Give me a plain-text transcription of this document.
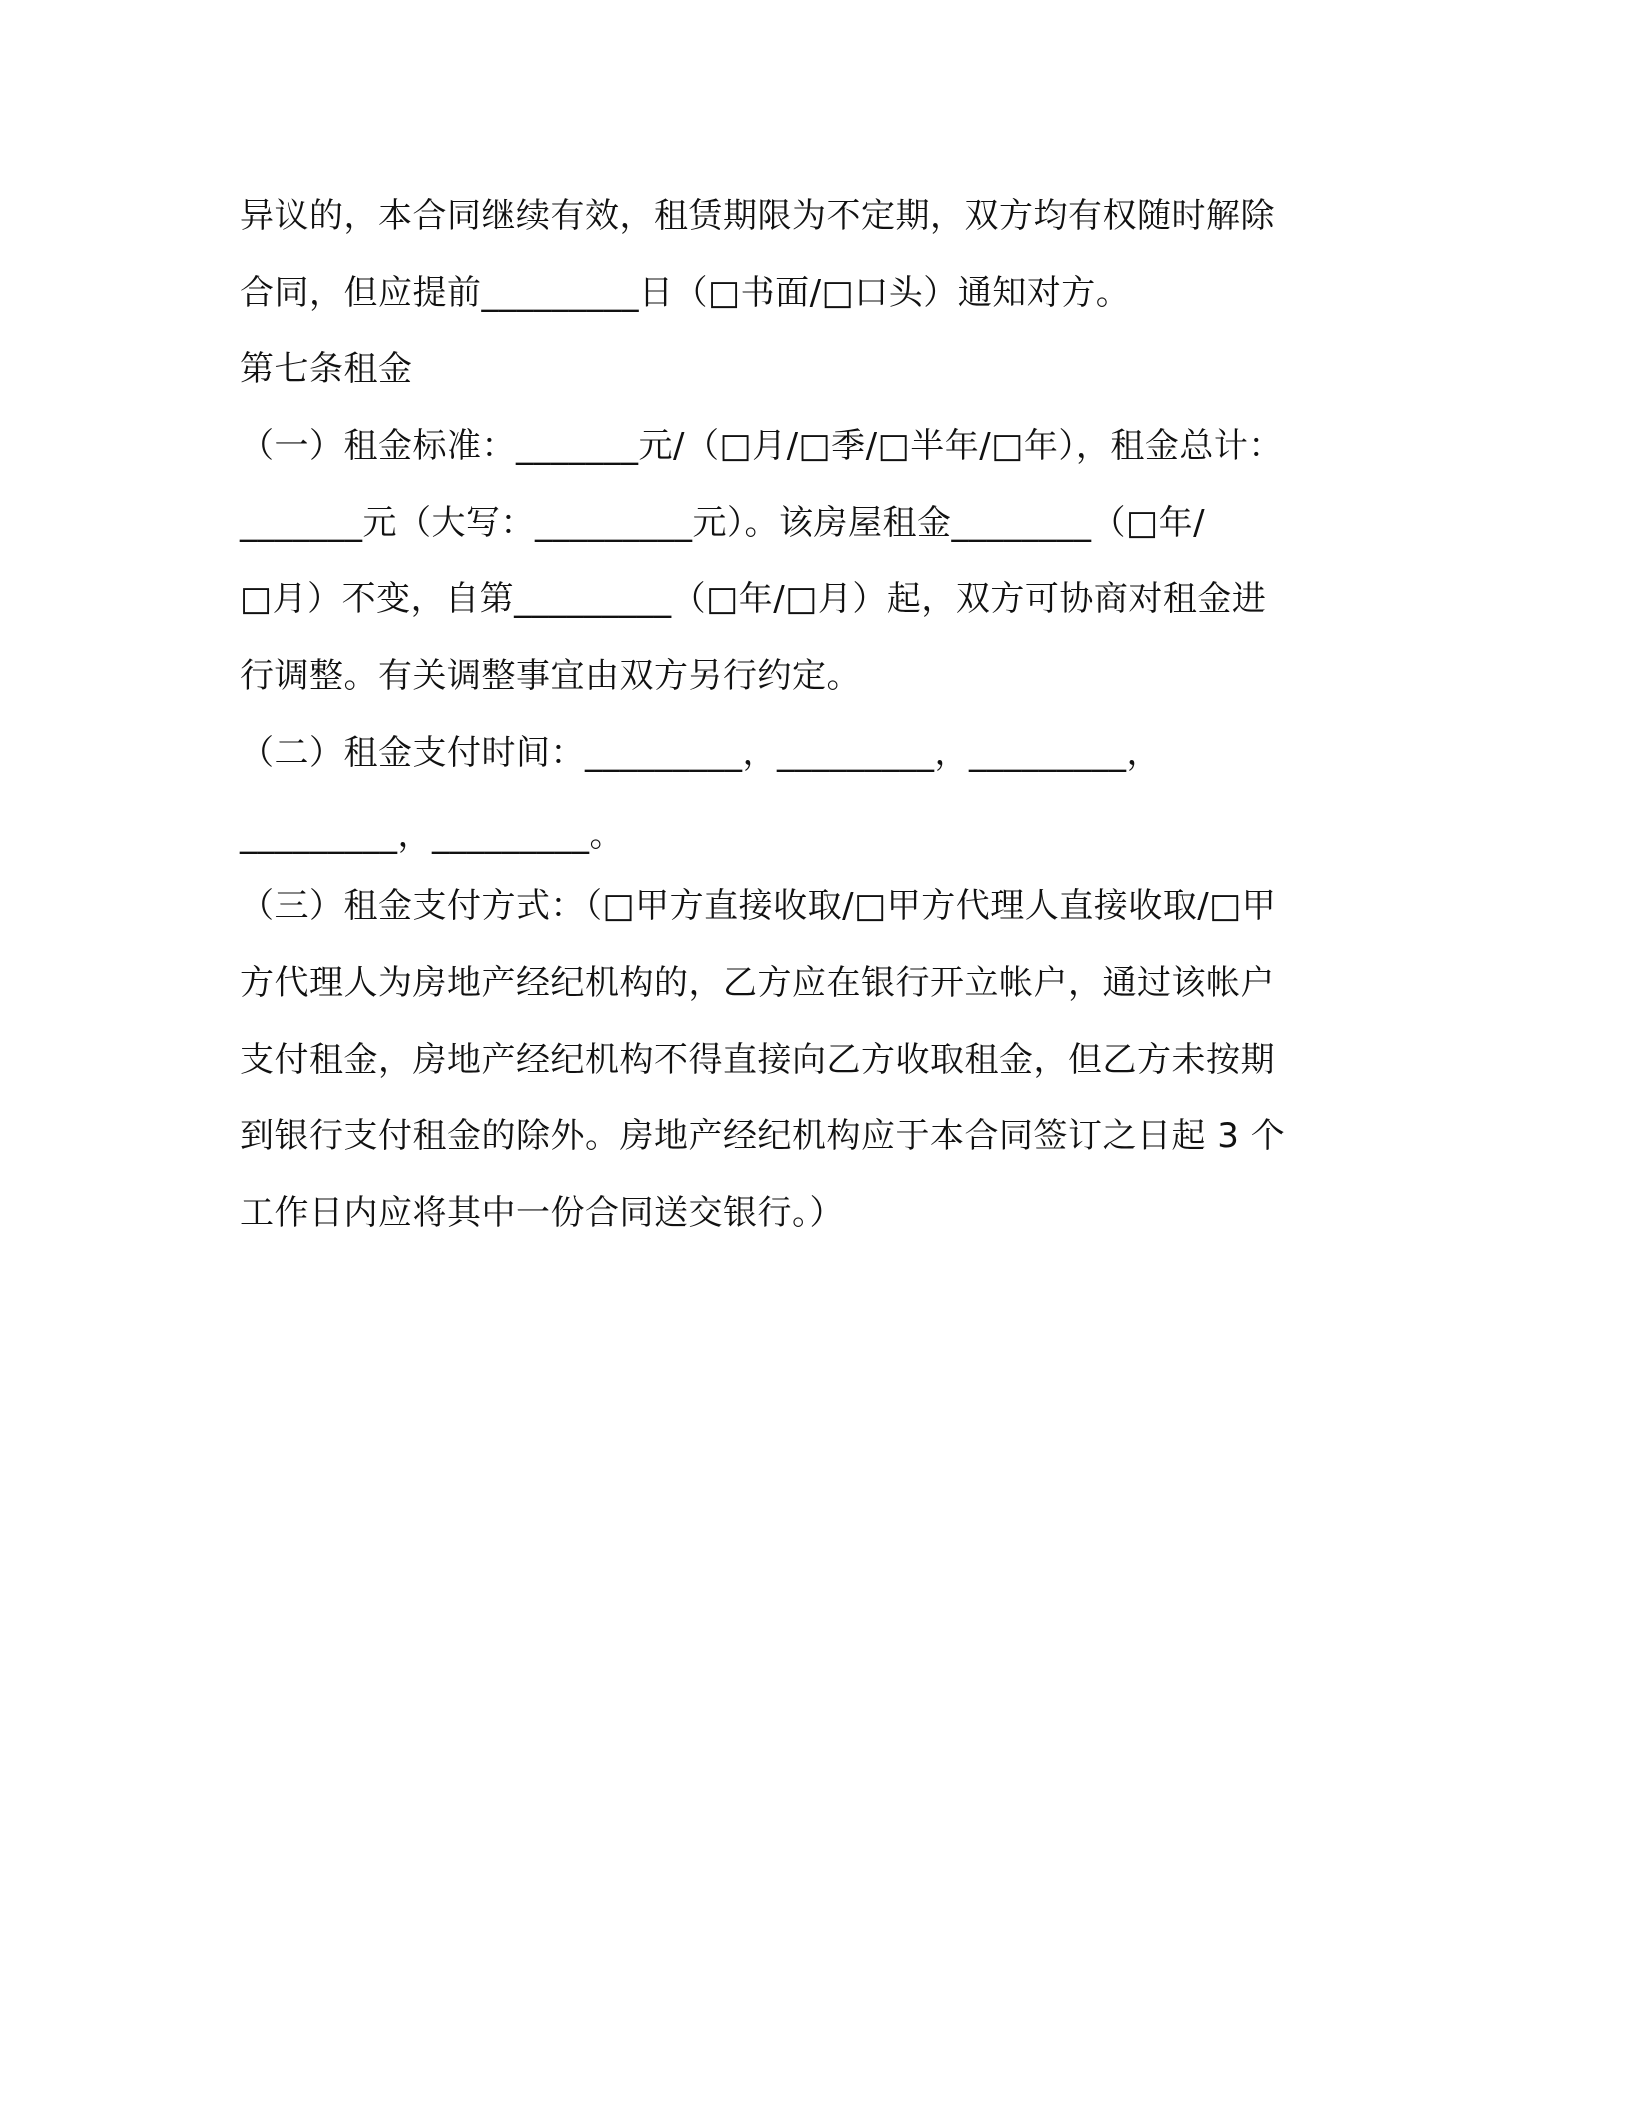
异议的，本合同继续有效，租赁期限为不定期，双方均有权随时解除
合同，但应提前_________日（□书面/□口头）通知对方。
第七条租金
（一）租金标准：_______元/（□月/□季/□半年/□年），租金总计：
_______元（大写：_________元）。该房屋租金________（□年/
□月）不变，自第_________（□年/□月）起，双方可协商对租金进
行调整。有关调整事宜由双方另行约定。
（二）租金支付时间：_________，_________，_________，
_________，_________。
（三）租金支付方式：（□甲方直接收取/□甲方代理人直接收取/□甲
方代理人为房地产经纪机构的，乙方应在银行开立帐户，通过该帐户
支付租金，房地产经纪机构不得直接向乙方收取租金，但乙方未按期
到银行支付租金的除外。房地产经纪机构应于本合同签订之日起 3 个
工作日内应将其中一份合同送交银行。）
